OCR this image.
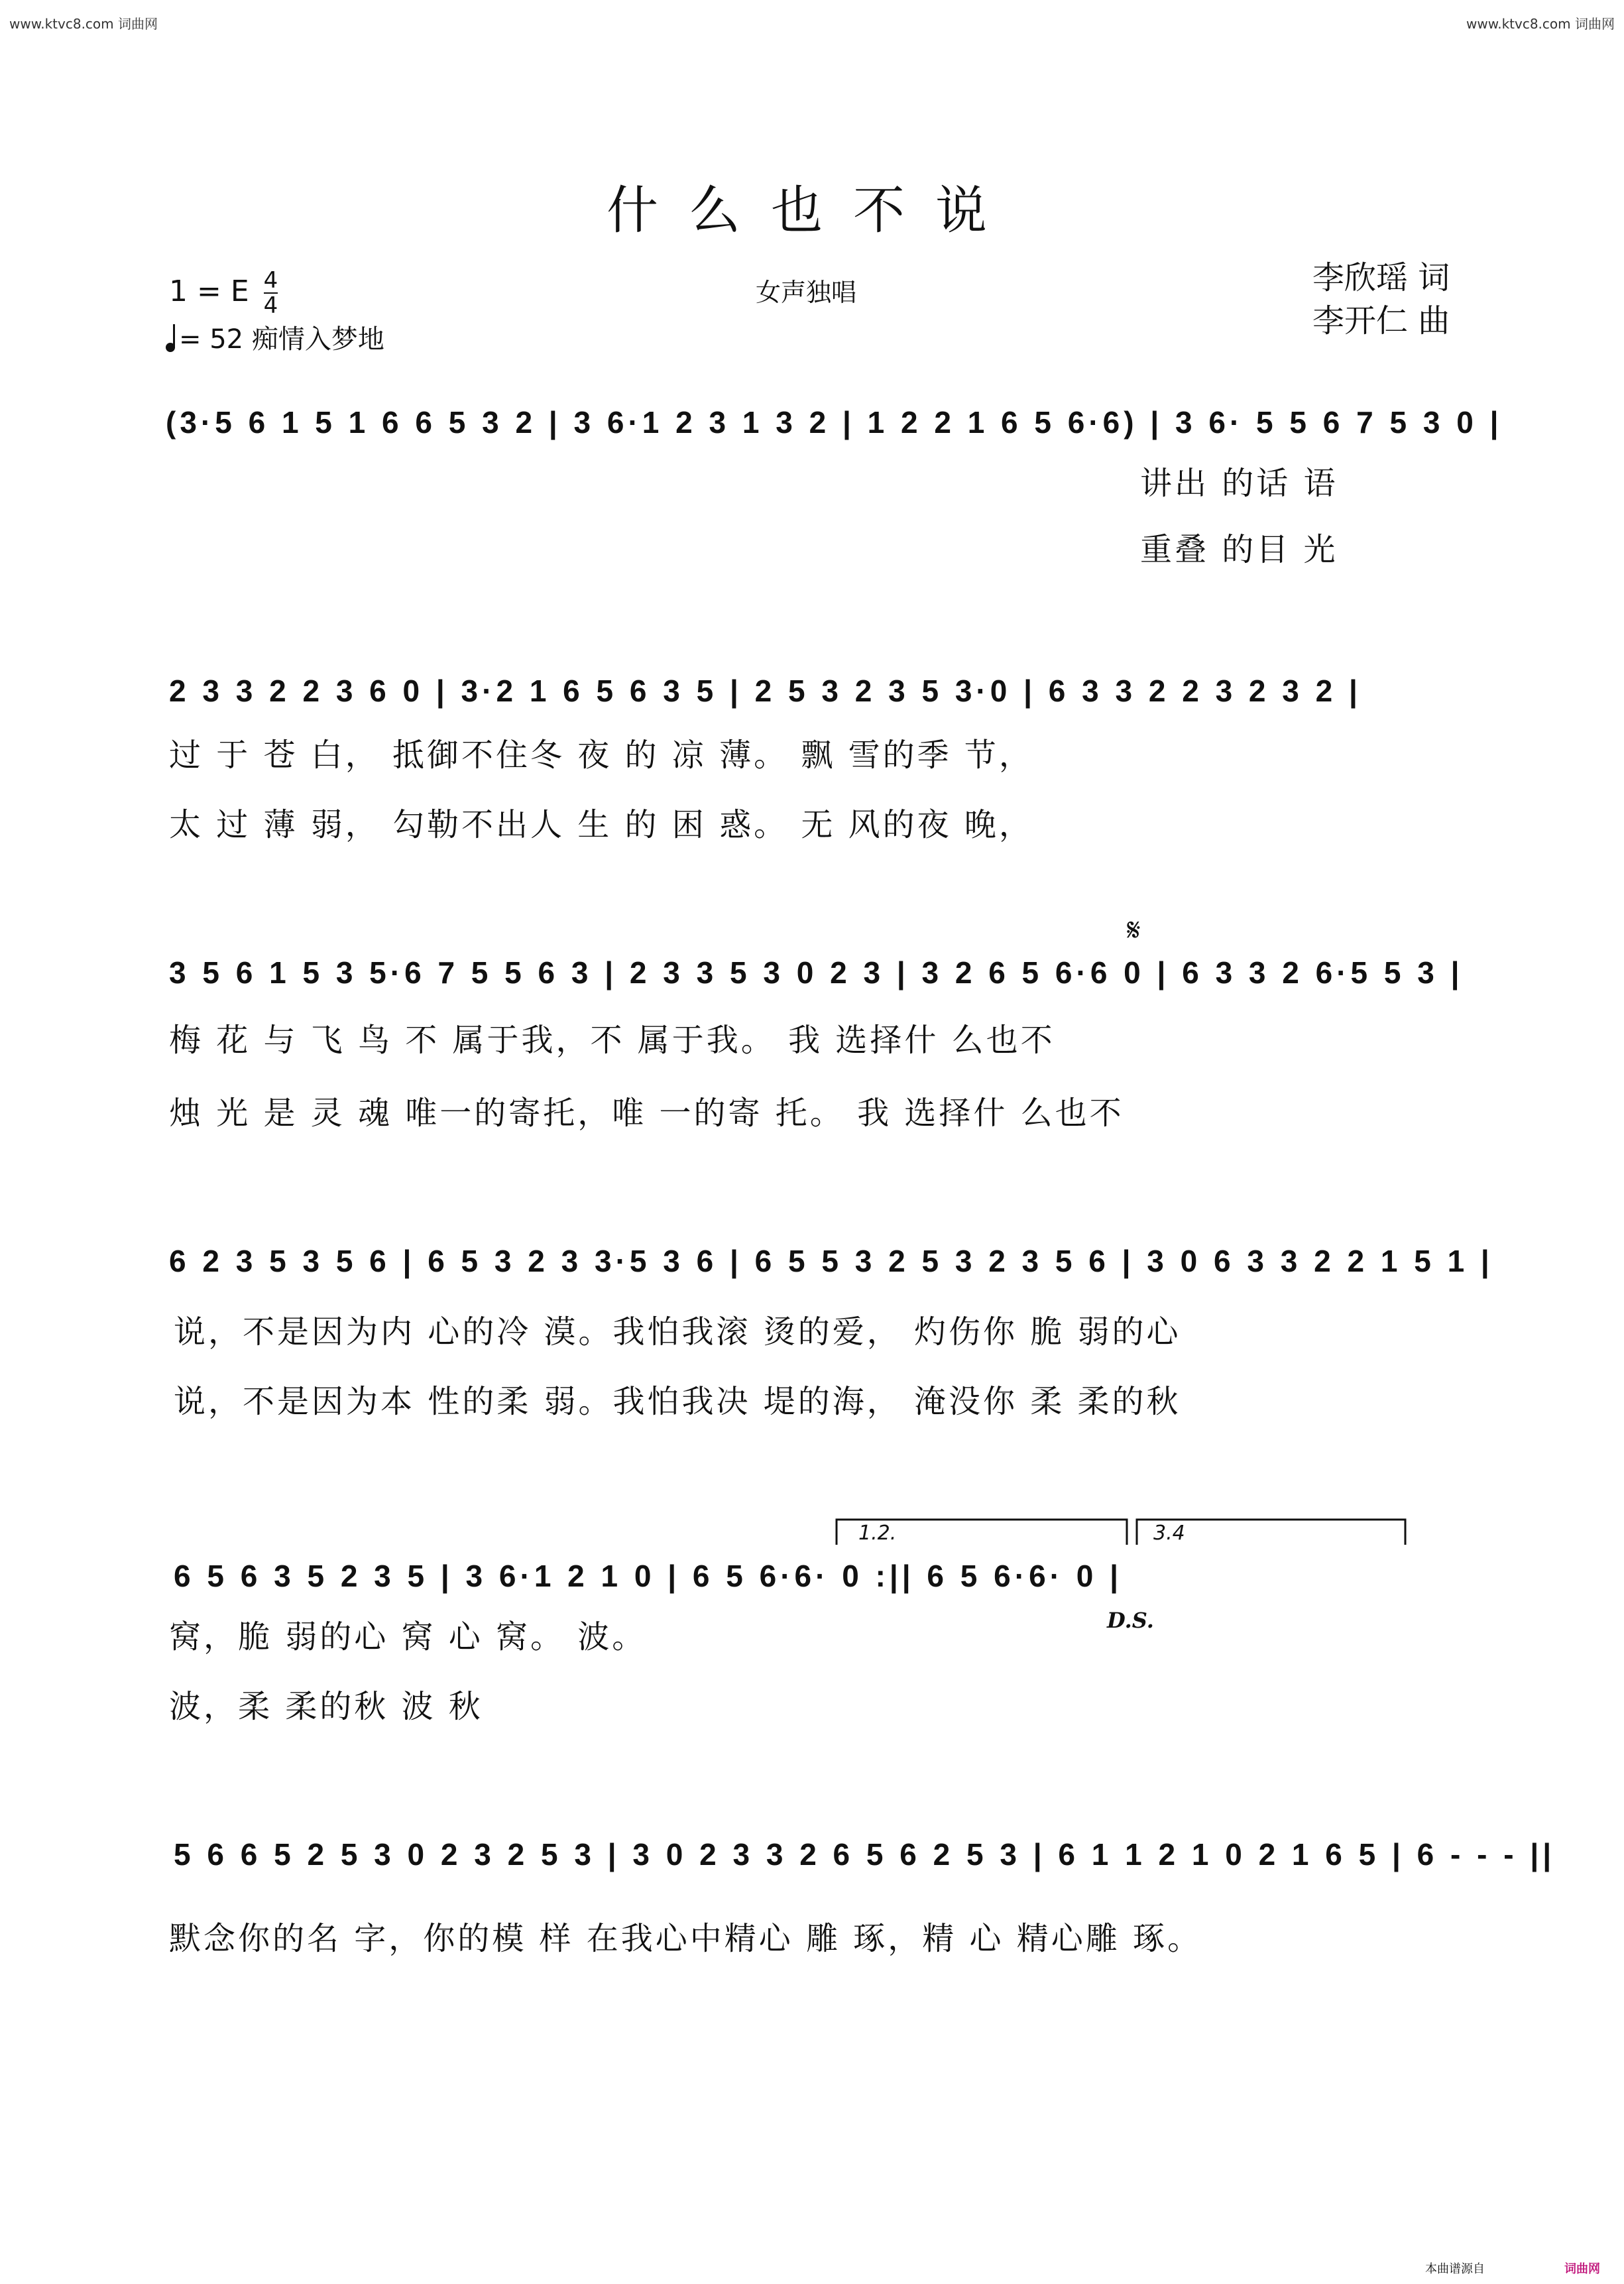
www.ktvc8.com 词曲网	www.ktvc8.com 词曲网
什么也不说
1 = E $\frac{4}{4}$
= 52 痴情入梦地
女声独唱	李欣瑶 词
李开仁 曲
(3·5 6 1 5 1 6 6 5 3 2 | 3 6·1 2 3 1 3 2 | 1 2 2 1 6 5 6·6) | 3 6· 5 5 6 7 5 3 0 |
讲出 的话 语
重叠 的目 光
2 3 3 2 2 3 6 0 | 3·2 1 6 5 6 3 5 | 2 5 3 2 3 5 3·0 | 6 3 3 2 2 3 2 3 2 |
过 于 苍 白， 抵御不住冬 夜 的 凉 薄。 飘 雪的季 节，
太 过 薄 弱， 勾勒不出人 生 的 困 惑。 无 风的夜 晚，
𝄋
3 5 6 1 5 3 5·6 7 5 5 6 3 | 2 3 3 5 3 0 2 3 | 3 2 6 5 6·6 0 | 6 3 3 2 6·5 5 3 |
梅 花 与 飞 鸟 不 属于我，不 属于我。 我 选择什 么也不
烛 光 是 灵 魂 唯一的寄托，唯 一的寄 托。 我 选择什 么也不
6 2 3 5 3 5 6 | 6 5 3 2 3 3·5 3 6 | 6 5 5 3 2 5 3 2 3 5 6 | 3 0 6 3 3 2 2 1 5 1 |
说，不是因为内 心的冷 漠。我怕我滚 烫的爱， 灼伤你 脆 弱的心
说，不是因为本 性的柔 弱。我怕我决 堤的海， 淹没你 柔 柔的秋
1.2.	3.4
6 5 6 3 5 2 3 5 | 3 6·1 2 1 0 | 6 5 6·6· 0 :|| 6 5 6·6· 0 |
D.S.
窝，脆 弱的心 窝 心 窝。 波。
波，柔 柔的秋 波 秋
5 6 6 5 2 5 3 0 2 3 2 5 3 | 3 0 2 3 3 2 6 5 6 2 5 3 | 6 1 1 2 1 0 2 1 6 5 | 6 - - - ||
默念你的名 字，你的模 样 在我心中精心 雕 琢，精 心 精心雕 琢。
本曲谱源自	词曲网
